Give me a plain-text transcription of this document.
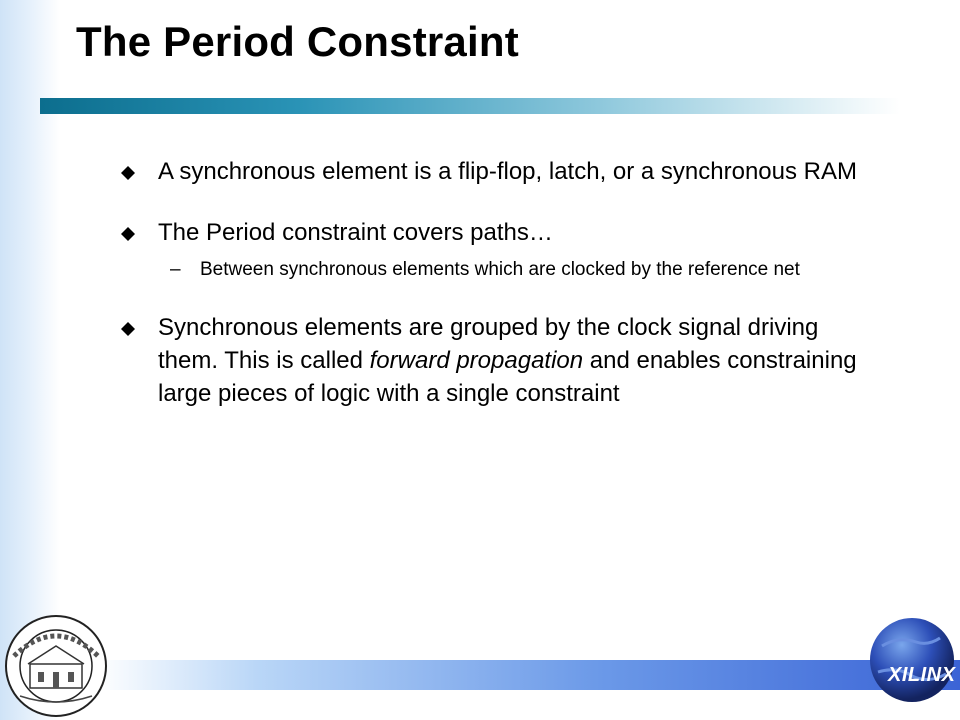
The Period Constraint
A synchronous element is a flip-flop, latch, or a synchronous RAM
The Period constraint covers paths…
– Between synchronous elements which are clocked by the reference net
Synchronous elements are grouped by the clock signal driving
them. This is called forward propagation and enables constraining
large pieces of logic with a single constraint
XILINX
